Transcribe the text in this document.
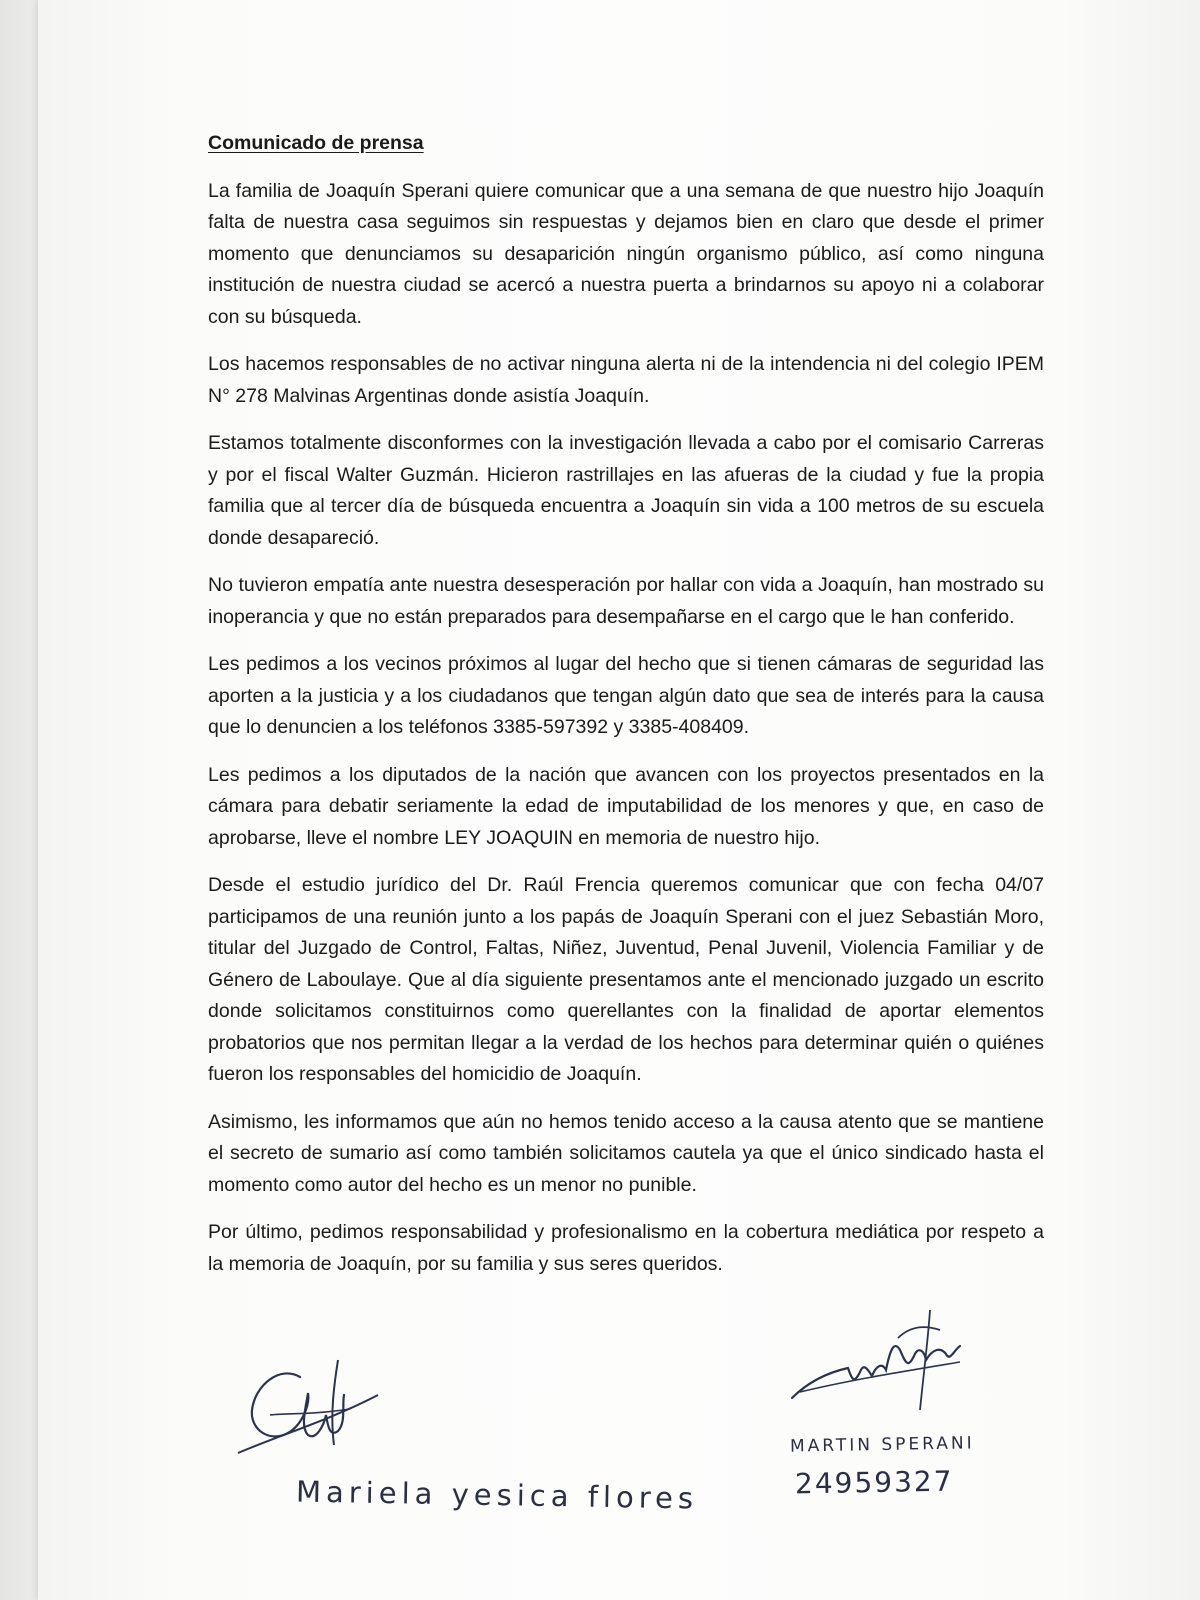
Comunicado de prensa

La familia de Joaquín Sperani quiere comunicar que a una semana de que nuestro hijo Joaquín falta de nuestra casa seguimos sin respuestas y dejamos bien en claro que desde el primer momento que denunciamos su desaparición ningún organismo público, así como ninguna institución de nuestra ciudad se acercó a nuestra puerta a brindarnos su apoyo ni a colaborar con su búsqueda.

Los hacemos responsables de no activar ninguna alerta ni de la intendencia ni del colegio IPEM N° 278 Malvinas Argentinas donde asistía Joaquín.

Estamos totalmente disconformes con la investigación llevada a cabo por el comisario Carreras y por el fiscal Walter Guzmán. Hicieron rastrillajes en las afueras de la ciudad y fue la propia familia que al tercer día de búsqueda encuentra a Joaquín sin vida a 100 metros de su escuela donde desapareció.

No tuvieron empatía ante nuestra desesperación por hallar con vida a Joaquín, han mostrado su inoperancia y que no están preparados para desempañarse en el cargo que le han conferido.

Les pedimos a los vecinos próximos al lugar del hecho que si tienen cámaras de seguridad las aporten a la justicia y a los ciudadanos que tengan algún dato que sea de interés para la causa que lo denuncien a los teléfonos 3385-597392 y 3385-408409.

Les pedimos a los diputados de la nación que avancen con los proyectos presentados en la cámara para debatir seriamente la edad de imputabilidad de los menores y que, en caso de aprobarse, lleve el nombre LEY JOAQUIN en memoria de nuestro hijo.

Desde el estudio jurídico del Dr. Raúl Frencia queremos comunicar que con fecha 04/07 participamos de una reunión junto a los papás de Joaquín Sperani con el juez Sebastián Moro, titular del Juzgado de Control, Faltas, Niñez, Juventud, Penal Juvenil, Violencia Familiar y de Género de Laboulaye. Que al día siguiente presentamos ante el mencionado juzgado un escrito donde solicitamos constituirnos como querellantes con la finalidad de aportar elementos probatorios que nos permitan llegar a la verdad de los hechos para determinar quién o quiénes fueron los responsables del homicidio de Joaquín.

Asimismo, les informamos que aún no hemos tenido acceso a la causa atento que se mantiene el secreto de sumario así como también solicitamos cautela ya que el único sindicado hasta el momento como autor del hecho es un menor no punible.

Por último, pedimos responsabilidad y profesionalismo en la cobertura mediática por respeto a la memoria de Joaquín, por su familia y sus seres queridos.

Mariela yesica flores
MARTIN SPERANI
24959327
